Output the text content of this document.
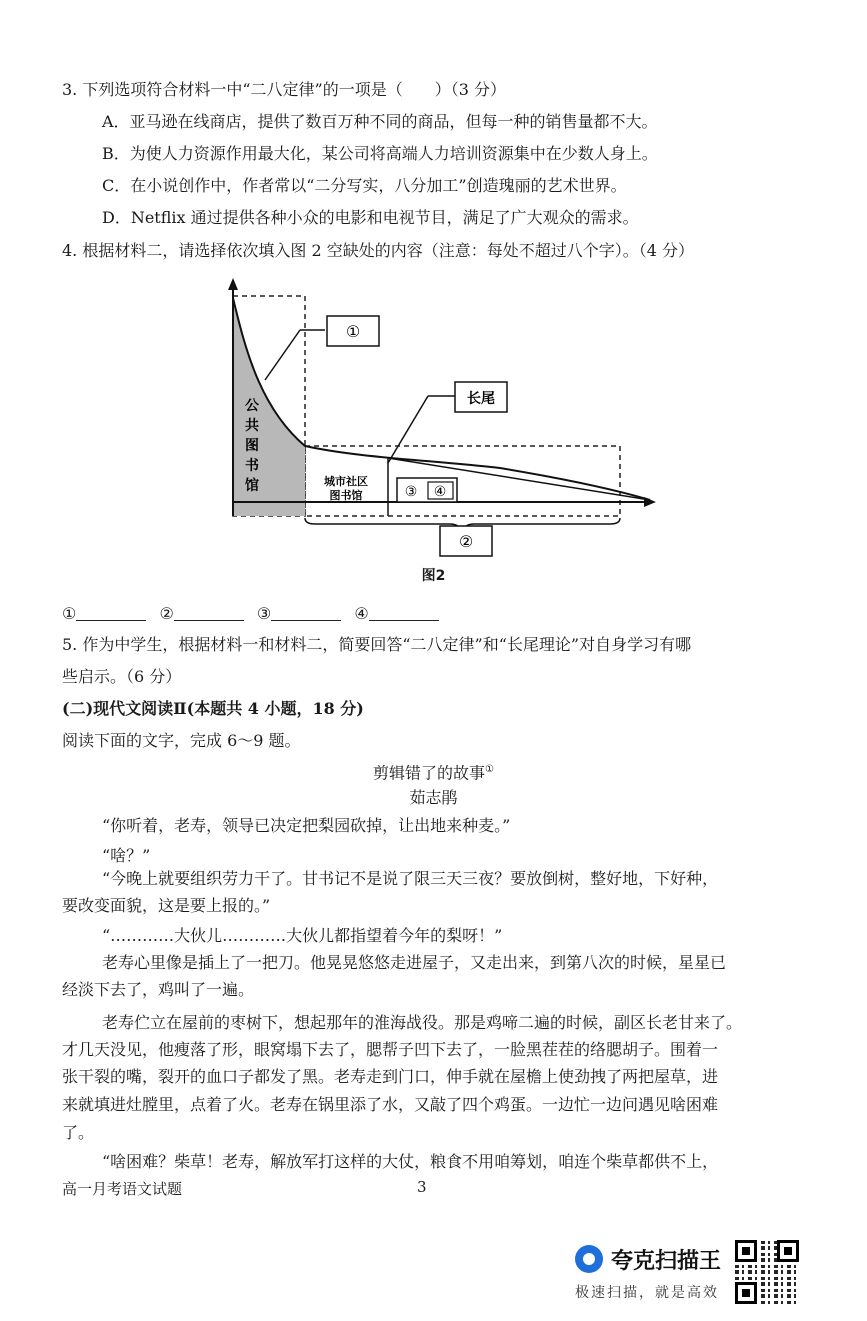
3. 下列选项符合材料一中“二八定律”的一项是（　　）（3 分）
A．亚马逊在线商店，提供了数百万种不同的商品，但每一种的销售量都不大。
B．为使人力资源作用最大化，某公司将高端人力培训资源集中在少数人身上。
C．在小说创作中，作者常以“二分写实，八分加工”创造瑰丽的艺术世界。
D．Netflix 通过提供各种小众的电影和电视节目，满足了广大观众的需求。
4. 根据材料二，请选择依次填入图 2 空缺处的内容（注意：每处不超过八个字）。（4 分）
①
长尾
公
共
图
书
馆	城市社区
图书馆	③ ④
②
图2
①	②	③	④
5. 作为中学生，根据材料一和材料二，简要回答“二八定律”和“长尾理论”对自身学习有哪
些启示。（6 分）
(二)现代文阅读Ⅱ(本题共 4 小题，18 分)
阅读下面的文字，完成 6～9 题。
剪辑错了的故事①
茹志鹃
“你听着，老寿，领导已决定把梨园砍掉，让出地来种麦。”
“啥？”
“今晚上就要组织劳力干了。甘书记不是说了限三天三夜？要放倒树，整好地，下好种，
要改变面貌，这是要上报的。”
“…………大伙儿…………大伙儿都指望着今年的梨呀！”
老寿心里像是插上了一把刀。他晃晃悠悠走进屋子，又走出来，到第八次的时候，星星已
经淡下去了，鸡叫了一遍。
老寿伫立在屋前的枣树下，想起那年的淮海战役。那是鸡啼二遍的时候，副区长老甘来了。
才几天没见，他瘦落了形，眼窝塌下去了，腮帮子凹下去了，一脸黑茬茬的络腮胡子。围着一
张干裂的嘴，裂开的血口子都发了黑。老寿走到门口，伸手就在屋檐上使劲拽了两把屋草，进
来就填进灶膛里，点着了火。老寿在锅里添了水，又敲了四个鸡蛋。一边忙一边问遇见啥困难
了。
“啥困难？柴草！老寿，解放军打这样的大仗，粮食不用咱筹划，咱连个柴草都供不上，
高一月考语文试题	3
夸克扫描王
极速扫描，就是高效
